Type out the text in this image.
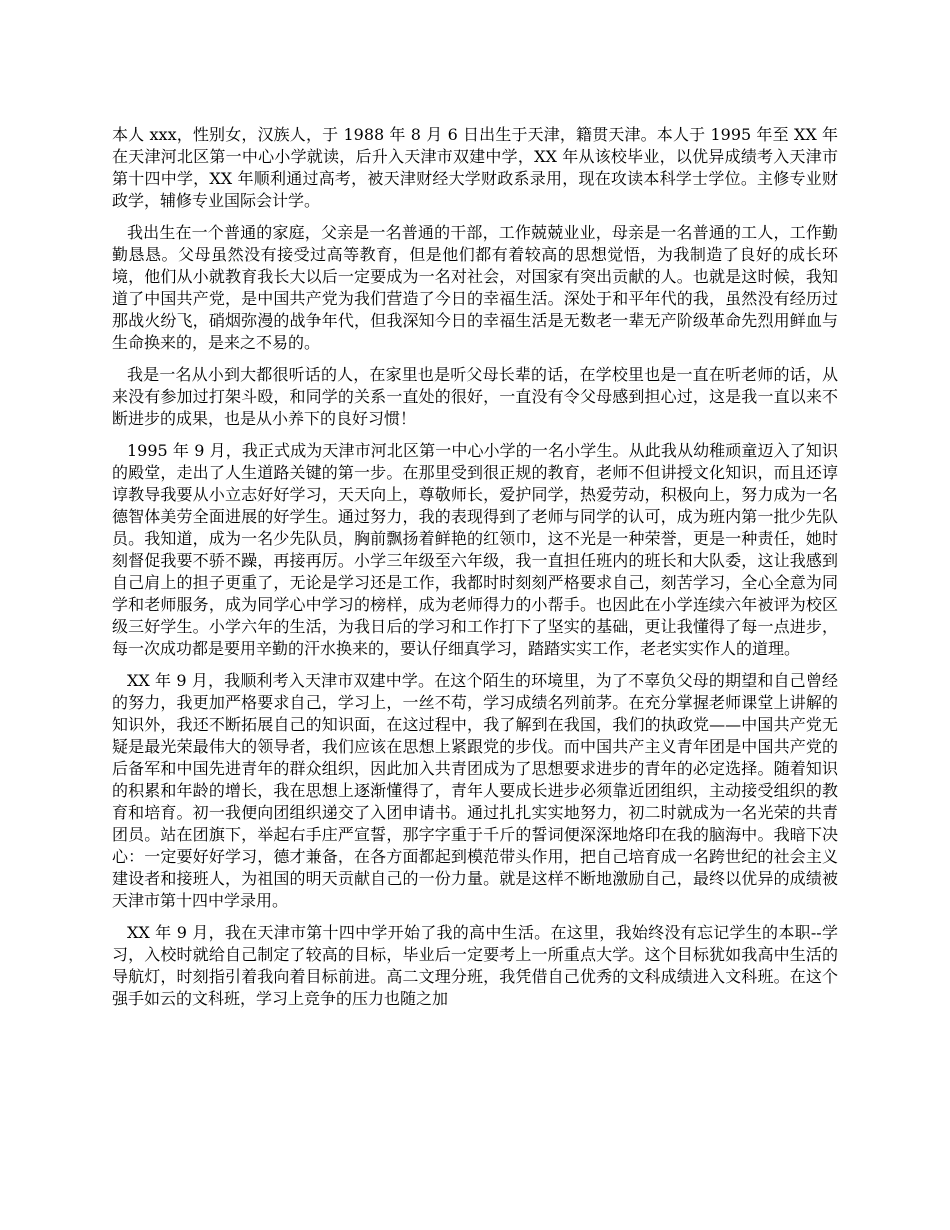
本人 xxx，性别女，汉族人，于 1988 年 8 月 6 日出生于天津，籍贯天津。本人于 1995 年至 XX 年在天津河北区第一中心小学就读，后升入天津市双建中学，XX 年从该校毕业，以优异成绩考入天津市第十四中学，XX 年顺利通过高考，被天津财经大学财政系录用，现在攻读本科学士学位。主修专业财政学，辅修专业国际会计学。

我出生在一个普通的家庭，父亲是一名普通的干部，工作兢兢业业，母亲是一名普通的工人，工作勤勤恳恳。父母虽然没有接受过高等教育，但是他们都有着较高的思想觉悟，为我制造了良好的成长环境，他们从小就教育我长大以后一定要成为一名对社会，对国家有突出贡献的人。也就是这时候，我知道了中国共产党，是中国共产党为我们营造了今日的幸福生活。深处于和平年代的我，虽然没有经历过那战火纷飞，硝烟弥漫的战争年代，但我深知今日的幸福生活是无数老一辈无产阶级革命先烈用鲜血与生命换来的，是来之不易的。

我是一名从小到大都很听话的人，在家里也是听父母长辈的话，在学校里也是一直在听老师的话，从来没有参加过打架斗殴，和同学的关系一直处的很好，一直没有令父母感到担心过，这是我一直以来不断进步的成果，也是从小养下的良好习惯！

1995 年 9 月，我正式成为天津市河北区第一中心小学的一名小学生。从此我从幼稚顽童迈入了知识的殿堂，走出了人生道路关键的第一步。在那里受到很正规的教育，老师不但讲授文化知识，而且还谆谆教导我要从小立志好好学习，天天向上，尊敬师长，爱护同学，热爱劳动，积极向上，努力成为一名德智体美劳全面进展的好学生。通过努力，我的表现得到了老师与同学的认可，成为班内第一批少先队员。我知道，成为一名少先队员，胸前飘扬着鲜艳的红领巾，这不光是一种荣誉，更是一种责任，她时刻督促我要不骄不躁，再接再厉。小学三年级至六年级，我一直担任班内的班长和大队委，这让我感到自己肩上的担子更重了，无论是学习还是工作，我都时时刻刻严格要求自己，刻苦学习，全心全意为同学和老师服务，成为同学心中学习的榜样，成为老师得力的小帮手。也因此在小学连续六年被评为校区级三好学生。小学六年的生活，为我日后的学习和工作打下了坚实的基础，更让我懂得了每一点进步，每一次成功都是要用辛勤的汗水换来的，要认仔细真学习，踏踏实实工作，老老实实作人的道理。

XX 年 9 月，我顺利考入天津市双建中学。在这个陌生的环境里，为了不辜负父母的期望和自己曾经的努力，我更加严格要求自己，学习上，一丝不苟，学习成绩名列前茅。在充分掌握老师课堂上讲解的知识外，我还不断拓展自己的知识面，在这过程中，我了解到在我国，我们的执政党——中国共产党无疑是最光荣最伟大的领导者，我们应该在思想上紧跟党的步伐。而中国共产主义青年团是中国共产党的后备军和中国先进青年的群众组织，因此加入共青团成为了思想要求进步的青年的必定选择。随着知识的积累和年龄的增长，我在思想上逐渐懂得了，青年人要成长进步必须靠近团组织，主动接受组织的教育和培育。初一我便向团组织递交了入团申请书。通过扎扎实实地努力，初二时就成为一名光荣的共青团员。站在团旗下，举起右手庄严宣誓，那字字重于千斤的誓词便深深地烙印在我的脑海中。我暗下决心：一定要好好学习，德才兼备，在各方面都起到模范带头作用，把自己培育成一名跨世纪的社会主义建设者和接班人，为祖国的明天贡献自己的一份力量。就是这样不断地激励自己，最终以优异的成绩被天津市第十四中学录用。

XX 年 9 月，我在天津市第十四中学开始了我的高中生活。在这里，我始终没有忘记学生的本职--学习，入校时就给自己制定了较高的目标，毕业后一定要考上一所重点大学。这个目标犹如我高中生活的导航灯，时刻指引着我向着目标前进。高二文理分班，我凭借自己优秀的文科成绩进入文科班。在这个强手如云的文科班，学习上竞争的压力也随之加
